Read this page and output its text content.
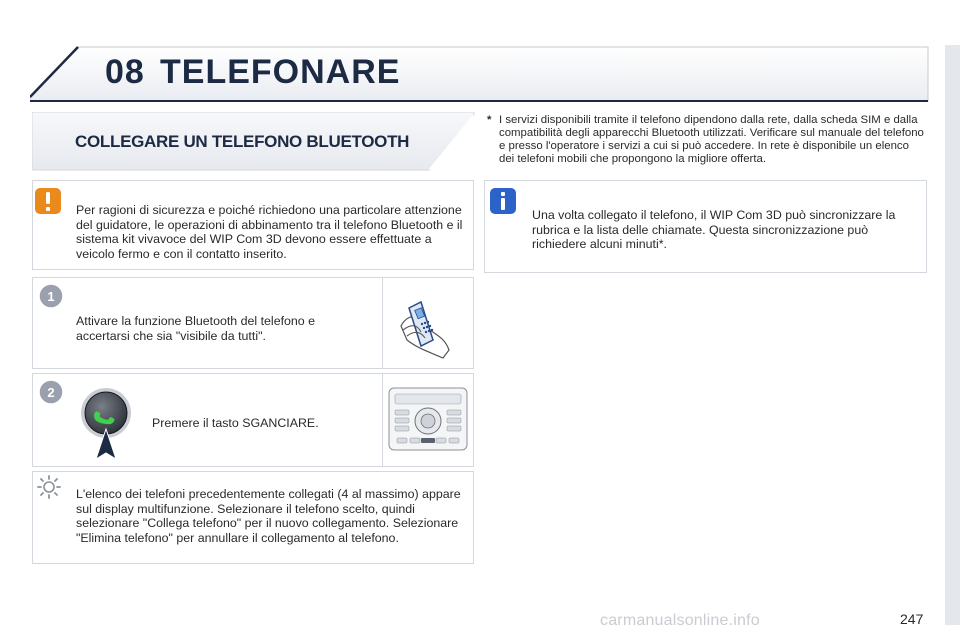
08 TELEFONARE
COLLEGARE UN TELEFONO BLUETOOTH
* I servizi disponibili tramite il telefono dipendono dalla rete, dalla scheda SIM e dalla compatibilità degli apparecchi Bluetooth utilizzati. Verificare sul manuale del telefono e presso l'operatore i servizi a cui si può accedere. In rete è disponibile un elenco dei telefoni mobili che propongono la migliore offerta.
Per ragioni di sicurezza e poiché richiedono una particolare attenzione del guidatore, le operazioni di abbinamento tra il telefono Bluetooth e il sistema kit vivavoce del WIP Com 3D devono essere effettuate a veicolo fermo e con il contatto inserito.
Una volta collegato il telefono, il WIP Com 3D può sincronizzare la rubrica e la lista delle chiamate. Questa sincronizzazione può richiedere alcuni minuti*.
1
Attivare la funzione Bluetooth del telefono e accertarsi che sia "visibile da tutti".
2
Premere il tasto SGANCIARE.
L'elenco dei telefoni precedentemente collegati (4 al massimo) appare sul display multifunzione. Selezionare il telefono scelto, quindi selezionare "Collega telefono" per il nuovo collegamento. Selezionare "Elimina telefono" per annullare il collegamento al telefono.
carmanualsonline.info	247
